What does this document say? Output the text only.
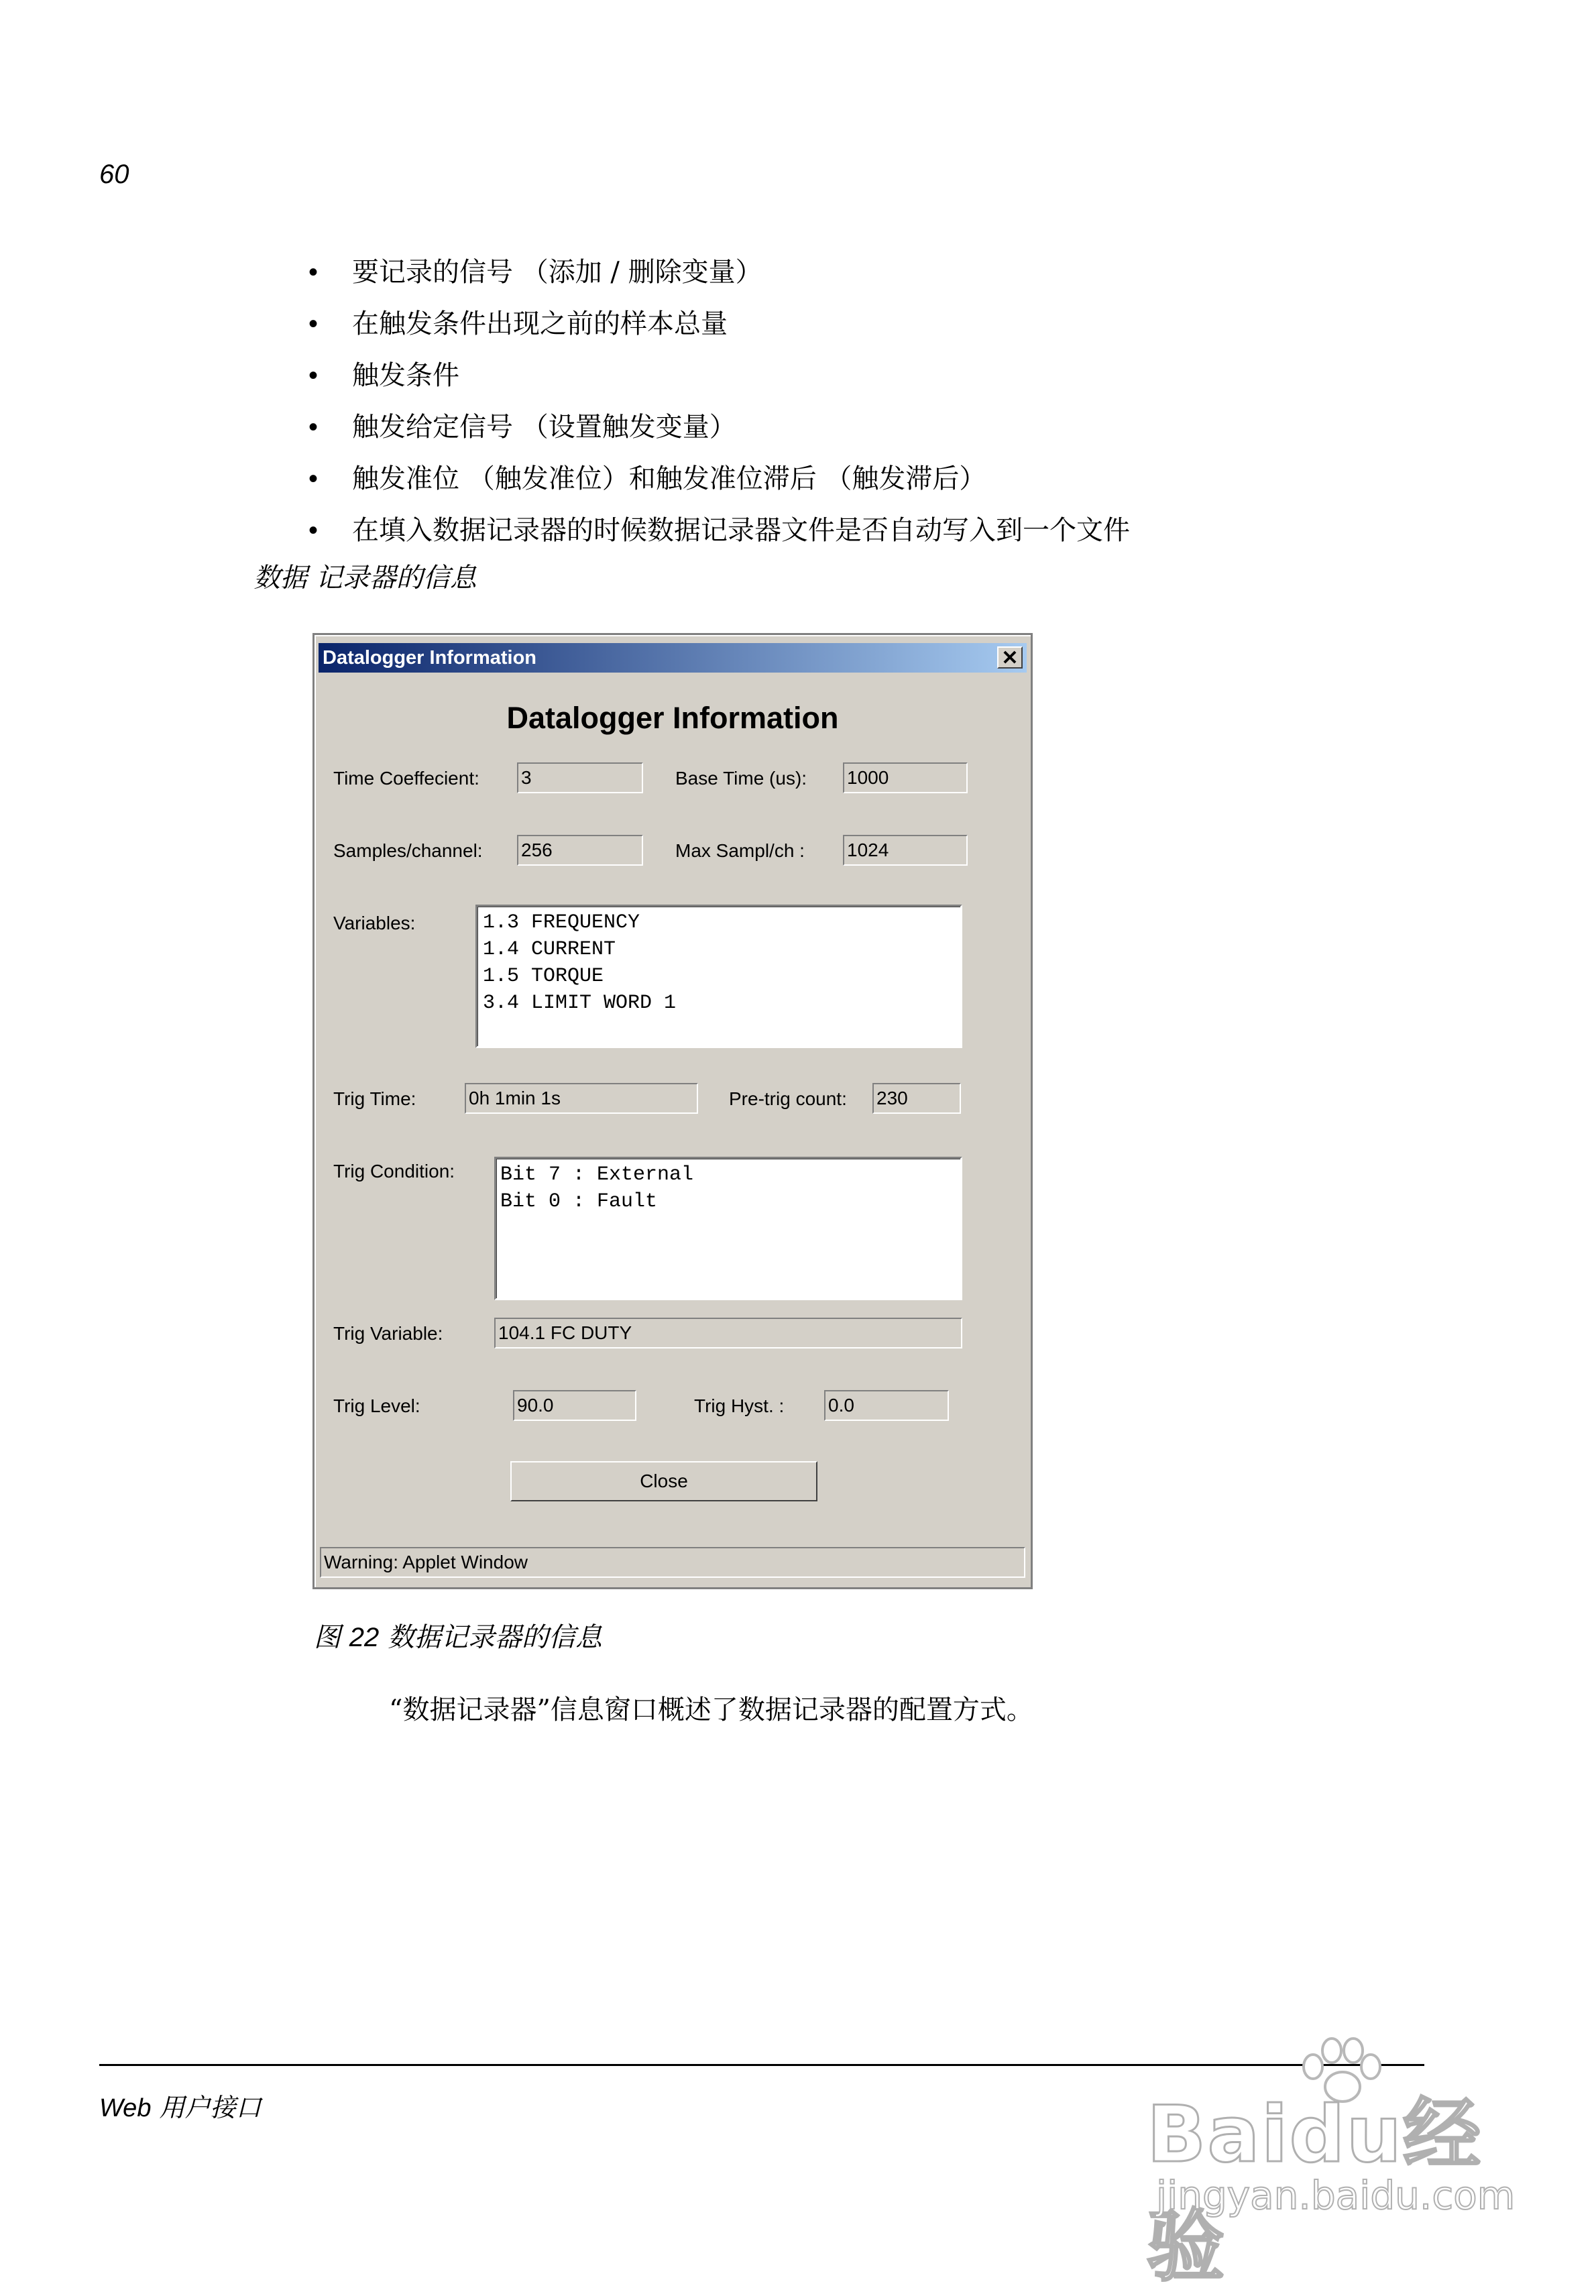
60
• 要记录的信号 （添加 / 删除变量）
• 在触发条件出现之前的样本总量
• 触发条件
• 触发给定信号 （设置触发变量）
• 触发准位 （触发准位）和触发准位滞后 （触发滞后）
• 在填入数据记录器的时候数据记录器文件是否自动写入到一个文件
数据 记录器的信息
Datalogger Information	✕
Datalogger Information
Time Coeffecient: 3	Base Time (us): 1000
Samples/channel: 256	Max Sampl/ch : 1024
Variables:	1.3 FREQUENCY
1.4 CURRENT
1.5 TORQUE
3.4 LIMIT WORD 1
Trig Time:	0h 1min 1s	Pre-trig count: 230
Trig Condition: Bit 7 : External
Bit 0 : Fault
Trig Variable:	104.1 FC DUTY
Trig Level:	90.0	Trig Hyst. : 0.0
Close
Warning: Applet Window
图 22 数据记录器的信息
“数据记录器”信息窗口概述了数据记录器的配置方式。
Web 用户接口	Baidu经验
jingyan.baidu.com
